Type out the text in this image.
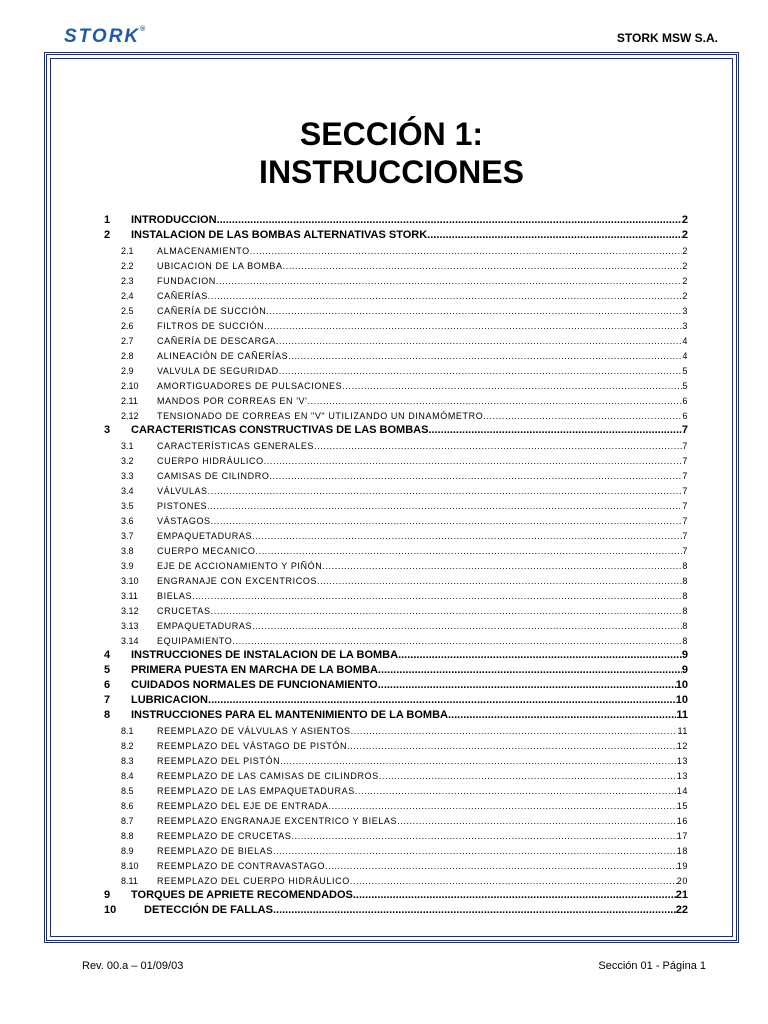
STORK®
STORK MSW S.A.
SECCIÓN 1:
INSTRUCCIONES
1	INTRODUCCION .....	2
2	INSTALACION DE LAS BOMBAS ALTERNATIVAS STORK. .....	2
2.1	ALMACENAMIENTO. .....	2
2.2	UBICACION DE LA BOMBA. .....	2
2.3	FUNDACION. .....	2
2.4	CAÑERÍAS. .....	2
2.5	CAÑERÍA DE SUCCIÓN. .....	3
2.6	FILTROS DE SUCCIÓN. .....	3
2.7	CAÑERÍA DE DESCARGA. .....	4
2.8	ALINEACIÓN DE CAÑERÍAS. .....	4
2.9	VALVULA DE SEGURIDAD. .....	5
2.10	AMORTIGUADORES DE PULSACIONES. .....	5
2.11	MANDOS POR CORREAS EN 'V'. .....	6
2.12	TENSIONADO DE CORREAS EN "V" UTILIZANDO UN DINAMÓMETRO. .....	6
3	CARACTERISTICAS CONSTRUCTIVAS DE LAS BOMBAS. .....	7
3.1	CARACTERÍSTICAS GENERALES. .....	7
3.2	CUERPO HIDRÁULICO. .....	7
3.3	CAMISAS DE CILINDRO .....	7
3.4	VÁLVULAS. .....	7
3.5	PISTONES. .....	7
3.6	VÁSTAGOS. .....	7
3.7	EMPAQUETADURAS. .....	7
3.8	CUERPO MECANICO. .....	7
3.9	EJE DE ACCIONAMIENTO Y PIÑÓN. .....	8
3.10	ENGRANAJE CON EXCENTRICOS. .....	8
3.11	BIELAS. .....	8
3.12	CRUCETAS. .....	8
3.13	EMPAQUETADURAS. .....	8
3.14	EQUIPAMIENTO. .....	8
4	INSTRUCCIONES DE INSTALACION DE LA BOMBA .....	9
5	PRIMERA PUESTA EN MARCHA DE LA BOMBA .....	9
6	CUIDADOS NORMALES DE FUNCIONAMIENTO .....	10
7	LUBRICACION. .....	10
8	INSTRUCCIONES PARA EL MANTENIMIENTO DE LA BOMBA. .....	11
8.1	REEMPLAZO DE VÁLVULAS Y ASIENTOS. .....	11
8.2	REEMPLAZO DEL VÁSTAGO DE PISTÓN. .....	12
8.3	REEMPLAZO DEL PISTÓN. .....	13
8.4	REEMPLAZO DE LAS CAMISAS DE CILINDROS. .....	13
8.5	REEMPLAZO DE LAS EMPAQUETADURAS. .....	14
8.6	REEMPLAZO DEL EJE DE ENTRADA. .....	15
8.7	REEMPLAZO ENGRANAJE EXCENTRICO Y BIELAS. .....	16
8.8	REEMPLAZO DE CRUCETAS .....	17
8.9	REEMPLAZO DE BIELAS .....	18
8.10	REEMPLAZO DE CONTRAVASTAGO .....	19
8.11	REEMPLAZO DEL CUERPO HIDRÁULICO. .....	20
9	TORQUES DE APRIETE RECOMENDADOS. .....	21
10	DETECCIÓN DE FALLAS. .....	22
Rev. 00.a – 01/09/03	Sección 01 - Página 1
